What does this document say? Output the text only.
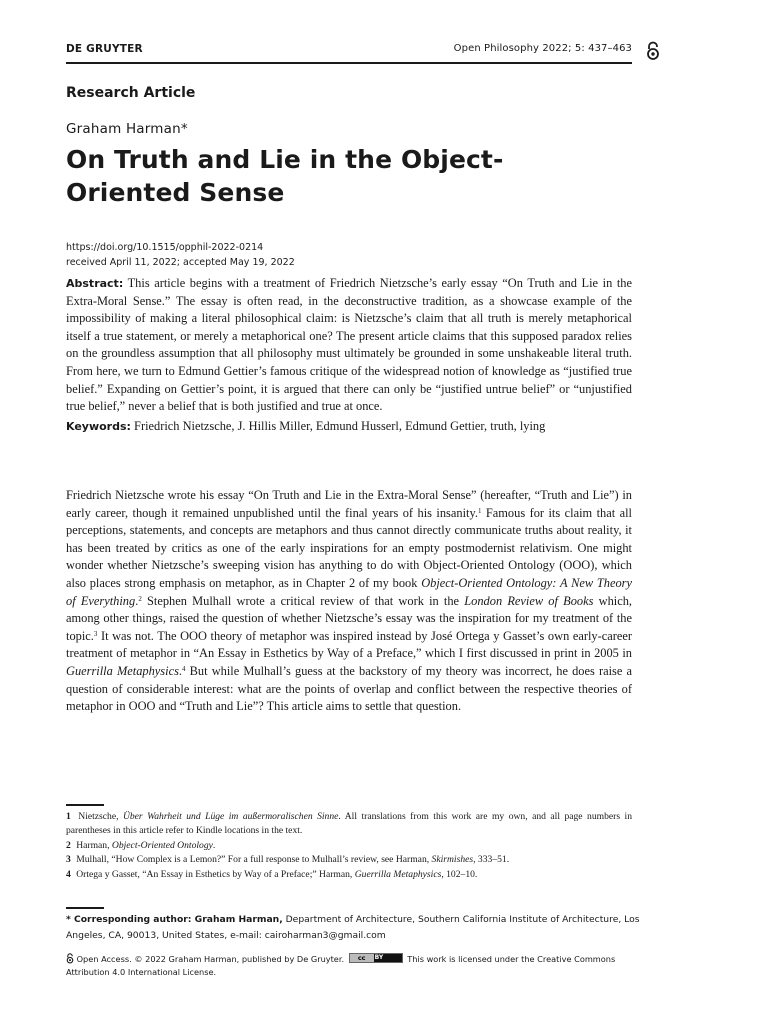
DE GRUYTER	Open Philosophy 2022; 5: 437–463
Research Article
Graham Harman*
On Truth and Lie in the Object-Oriented Sense
https://doi.org/10.1515/opphil-2022-0214
received April 11, 2022; accepted May 19, 2022
Abstract: This article begins with a treatment of Friedrich Nietzsche’s early essay “On Truth and Lie in the Extra-Moral Sense.” The essay is often read, in the deconstructive tradition, as a showcase example of the impossibility of making a literal philosophical claim: is Nietzsche’s claim that all truth is merely metaphorical itself a true statement, or merely a metaphorical one? The present article claims that this supposed paradox relies on the groundless assumption that all philosophy must ultimately be grounded in some unshakeable literal truth. From here, we turn to Edmund Gettier’s famous critique of the widespread notion of knowledge as “justified true belief.” Expanding on Gettier’s point, it is argued that there can only be “justified untrue belief” or “unjustified true belief,” never a belief that is both justified and true at once.
Keywords: Friedrich Nietzsche, J. Hillis Miller, Edmund Husserl, Edmund Gettier, truth, lying
Friedrich Nietzsche wrote his essay “On Truth and Lie in the Extra-Moral Sense” (hereafter, “Truth and Lie”) in early career, though it remained unpublished until the final years of his insanity.$^1$ Famous for its claim that all perceptions, statements, and concepts are metaphors and thus cannot directly communicate truths about reality, it has been treated by critics as one of the early inspirations for an empty postmodernist relativism. One might wonder whether Nietzsche’s sweeping vision has anything to do with Object-Oriented Ontology (OOO), which also places strong emphasis on metaphor, as in Chapter 2 of my book Object-Oriented Ontology: A New Theory of Everything.$^2$ Stephen Mulhall wrote a critical review of that work in the London Review of Books which, among other things, raised the question of whether Nietzsche’s essay was the inspiration for my treatment of the topic.$^3$ It was not. The OOO theory of metaphor was inspired instead by José Ortega y Gasset’s own early-career treatment of metaphor in “An Essay in Esthetics by Way of a Preface,” which I first discussed in print in 2005 in Guerrilla Metaphysics.$^4$ But while Mulhall’s guess at the backstory of my theory was incorrect, he does raise a question of considerable interest: what are the points of overlap and conflict between the respective theories of metaphor in OOO and “Truth and Lie”? This article aims to settle that question.

1 Nietzsche, Über Wahrheit und Lüge im außermoralischen Sinne. All translations from this work are my own, and all page numbers in parentheses in this article refer to Kindle locations in the text.

2 Harman, Object-Oriented Ontology.

3 Mulhall, “How Complex is a Lemon?” For a full response to Mulhall’s review, see Harman, Skirmishes, 333–51.

4 Ortega y Gasset, “An Essay in Esthetics by Way of a Preface;” Harman, Guerrilla Metaphysics, 102–10.

* Corresponding author: Graham Harman, Department of Architecture, Southern California Institute of Architecture, Los Angeles, CA, 90013, United States, e-mail: cairoharman3@gmail.com
Open Access. © 2022 Graham Harman, published by De Gruyter.	cc	BY	This work is licensed under the Creative Commons Attribution 4.0 International License.
